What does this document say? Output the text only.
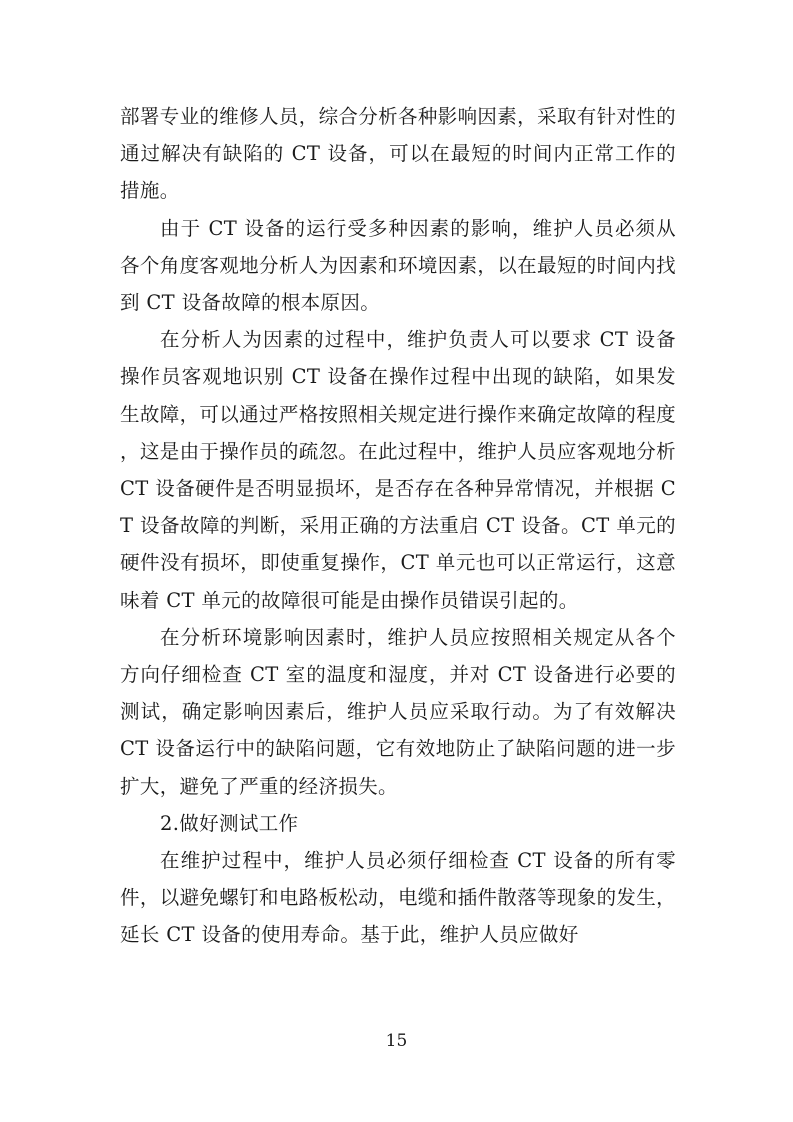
部署专业的维修人员，综合分析各种影响因素，采取有针对性的通过解决有缺陷的 CT 设备，可以在最短的时间内正常工作的措施。

由于 CT 设备的运行受多种因素的影响，维护人员必须从各个角度客观地分析人为因素和环境因素，以在最短的时间内找到 CT 设备故障的根本原因。

在分析人为因素的过程中，维护负责人可以要求 CT 设备操作员客观地识别 CT 设备在操作过程中出现的缺陷，如果发生故障，可以通过严格按照相关规定进行操作来确定故障的程度，这是由于操作员的疏忽。在此过程中，维护人员应客观地分析 CT 设备硬件是否明显损坏，是否存在各种异常情况，并根据 CT 设备故障的判断，采用正确的方法重启 CT 设备。CT 单元的硬件没有损坏，即使重复操作，CT 单元也可以正常运行，这意味着 CT 单元的故障很可能是由操作员错误引起的。

在分析环境影响因素时，维护人员应按照相关规定从各个方向仔细检查 CT 室的温度和湿度，并对 CT 设备进行必要的测试，确定影响因素后，维护人员应采取行动。为了有效解决 CT 设备运行中的缺陷问题，它有效地防止了缺陷问题的进一步扩大，避免了严重的经济损失。

2.做好测试工作

在维护过程中，维护人员必须仔细检查 CT 设备的所有零件，以避免螺钉和电路板松动，电缆和插件散落等现象的发生，延长 CT 设备的使用寿命。基于此，维护人员应做好

15
